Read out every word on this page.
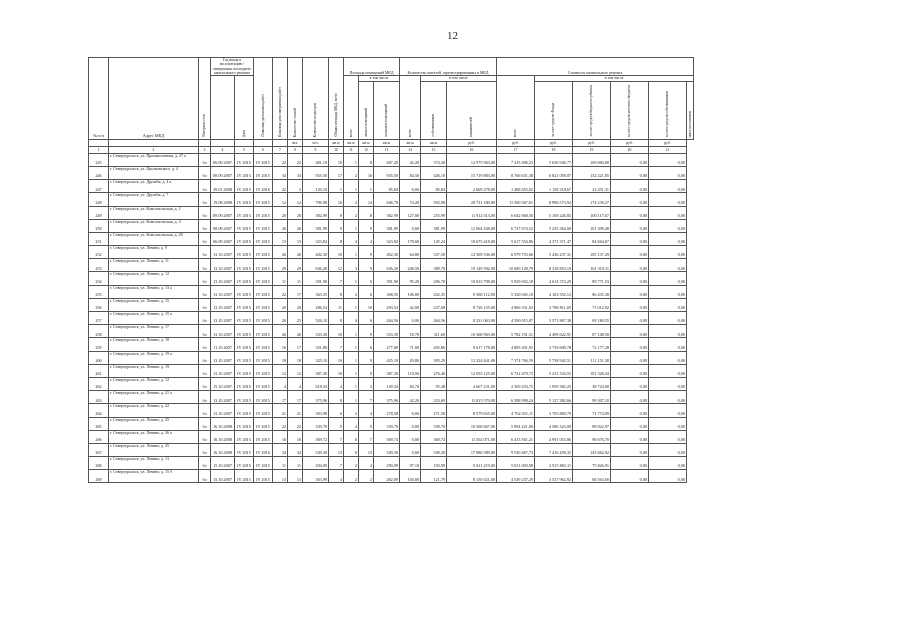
12
№ п/п	Адрес МКД	Материал стен	Год ввода в эксплуатацию / завершения последнего капитального ремонта		Плановая дата начала работ	Плановая дата завершения работ	Количество этажей	Количество подъездов	Общая площадь МКД, всего	Площадь помещений МКД			Количество жителей, зарегистрированных в МКД			Стоимость капитального ремонта					
				Дата						всего	в том числе		всего	в том числе		всего	в том числе				
											жилых помещений	нежилых помещений		собственников	нанимателей		за счет средств Фонда	за счет средств бюджета субъекта	за счет средств местного бюджета	за счет средств собственников	иных источников
							чел.	чел.	кв.м	кв.м	кв.м	кв.м	кв.м	кв.м	руб.	руб.	руб.	руб.	руб.	руб.	
1	2	3	4	5	6	7	8	9	10	11	12	13	14	15	16	17	18	19	20	21	
245	г. Североуральск, ул. Промышленная, д. 27 а	бл	06.09.2007	IV 2015	IV 2015	22	22	481,10	10	1	8	487,20	42,20	374,40	12 975 963,00	7 235 496,23	5 630 946,77	109 660,00	0,00	0,00	
246	г. Североуральск, ул. Циолковского, д. 4	бл	08.09.2007	IV 2015	IV 2015	34	34	935,50	17	2	16	935,50	84,50	426,10	15 719 883,00	8 766 631,38	6 821 059,07	132 221,85	0,00	0,00	
247	г. Североуральск, ул. Дружбы, д. 4 а	бл	29.01.2008	IV 2015	IV 2016	22	3	120,10	1	1	1	85,84	0,00	85,84	2 669 278,00	1 488 455,02	1 158 318,67	22 451,31	0,00	0,00	
248	г. Североуральск, ул. Дружбы, д. 7	бл	19.08.2008	IV 2015	IV 2015	12	12	796,98	16	2	14	646,78	74,20	592,08	20 731 180,80	11 560 367,61	8 996 573,92	174 239,27	0,00	0,00	
249	г. Североуральск, ул. Комсомольская, д. 2	бл	09.09.2007	IV 2015	IV 2015	20	20	382,99	9	2	8	382,99	127,00	255,99	11 912 013,00	6 642 668,50	5 169 226,83	100 117,67	0,00	0,00	
250	г. Североуральск, ул. Комсомольская, д. 4	бл	08.09.2007	IV 2015	IV 2015	26	26	381,99	9	1	9	381,99	0,00	381,99	12 064 438,00	6 727 674,52	5 235 364,00	101 399,48	0,00	0,00	
251	г. Североуральск, ул. Комсомольская, д. 28	бл	06.09.2007	IV 2015	IV 2015	13	13	323,84	8	4	4	323,84	178,60	145,24	10 673 418,00	5 617 554,86	4 371 371,47	84 664,67	0,00	0,00	
252	г. Североуральск, ул. Ленина, д. 9	бл	13.10.2007	IV 2015	IV 2015	26	26	402,30	10	1	9	402,30	64,80	337,50	12 569 536,00	6 979 753,66	5 436 237,31	105 137,29	0,00	0,00	
253	г. Североуральск, ул. Ленина, д. 11	бл	13.10.2007	IV 2015	IV 2015	29	29	636,20	12	3	9	636,20	246,50	389,70	19 149 592,00	10 680 128,79	8 318 853,10	161 310,11	0,00	0,00	
254	г. Североуральск, ул. Ленина, д. 12	бл	13.10.2007	IV 2015	IV 2015	11	11	391,90	7	1	6	391,90	95,20	296,70	10 633 798,00	5 929 652,18	4 614 374,29	89 771,53	0,00	0,00	
255	г. Североуральск, ул. Ленина, д. 13 а	бл	13.10.2007	IV 2015	IV 2015	22	17	363,35	8	2	6	308,35	106,00	202,35	9 580 112,00	5 330 045,10	4 163 352,12	86 435,38	0,00	0,00	
256	г. Североуральск, ул. Ленина, д. 15	бл	13.10.2007	IV 2015	IV 2015	20	20	286,54	11	1	10	293,54	42,00	237,68	8 726 155,00	4 866 331,03	3 786 811,05	73 012,92	0,00	0,00	
257	г. Североуральск, ул. Ленина, д. 15 а	бл	13.10.2007	IV 2015	IV 2015	26	23	526,10	8	4	6	264,56	0,00	264,56	8 231 063,00	4 590 015,07	3 571 867,38	69 180,55	0,00	0,00	
258	г. Североуральск, ул. Ленина, д. 17	бл	13.10.2007	IV 2015	IV 2015	26	26	333,30	10	1	9	333,30	18,70	311,60	10 368 963,00	5 782 191,51	4 499 622,91	87 148,58	0,00	0,00	
259	г. Североуральск, ул. Ленина, д. 18	бл	11.10.2007	IV 2015	IV 2015	16	17	331,80	7	1	6	277,00	71,00	205,86	8 617 178,00	4 805 401,91	3 739 600,78	72 177,28	0,00	0,00	
260	г. Североуральск, ул. Ленина, д. 19 а	бл	13.10.2007	IV 2015	IV 2015	18	18	325,10	10	1	9	425,10	29,80	395,29	13 224 641,00	7 374 766,59	5 738 942,51	111 151,38	0,00	0,00	
261	г. Североуральск, ул. Ленина, д. 19	бл	13.10.2007	IV 2015	IV 2015	12	12	387,30	10	1	9	387,30	110,90	276,40	12 055 125,00	6 722 470,73	5 231 334,55	101 320,44	0,00	0,00	
262	г. Североуральск, ул. Ленина, д. 12	бл	15.10.2007	IV 2015	IV 2015	4	4	618,34	4	1	3	149,34	84,70	95,48	4 667 231,00	2 569 254,75	1 959 382,25	38 724,00	0,00	0,00	
263	г. Североуральск, ул. Ленина, д. 21 а	бл	13.10.2007	IV 2015	IV 2015	17	17	375,96	8	1	7	375,96	42,20	333,69	11 815 570,00	6 588 998,24	5 127 382,66	99 307,10	0,00	0,00	
264	г. Североуральск, ул. Ленина, д. 22	бл	13.10.2007	IV 2015	IV 2015	21	21	303,98	6	2	4	278,58	0,00	271,58	8 579 655,00	4 762 031,11	3 705 869,79	71 774,09	0,00	0,00	
265	г. Североуральск, ул. Ленина, д. 25	бл	16.10.2008	IV 2015	IV 2015	22	22	339,70	9	4	9	339,70	0,00	339,70	10 568 667,00	5 894 221,00	4 586 323,00	88 822,97	0,00	0,00	
266	г. Североуральск, ул. Ленина, д. 26 а	бл	16.10.2008	IV 2015	IV 2015	16	16	369,72	7	6	7	369,74	0,00	369,74	11 502 071,00	6 413 561,21	4 991 053,06	96 676,70	0,00	0,00	
267	г. Североуральск, ул. Ленина, д. 25	бл	16.10.2008	IV 2015	IV 2016	34	34	549,30	13	0	13	549,30	0,00	549,30	17 080 589,00	9 530 467,73	7 416 458,35	143 662,92	0,00	0,00	
268	г. Североуральск, ул. Ленина, д. 13	бл	15.10.2007	IV 2015	IV 2015	11	11	294,09	7	2	4	290,09	97,10	193,99	9 021 219,00	5 031 003,98	3 915 865,11	75 826,91	0,00	0,00	
269	г. Североуральск, ул. Ленина, д. 15 б	бл	15.10.2007	IV 2015	IV 2015	13	13	303,99	4	2	2	262,09	104,80	121,79	8 150 021,00	4 549 237,29	3 537 962,92	68 563,60	0,00	0,00	
